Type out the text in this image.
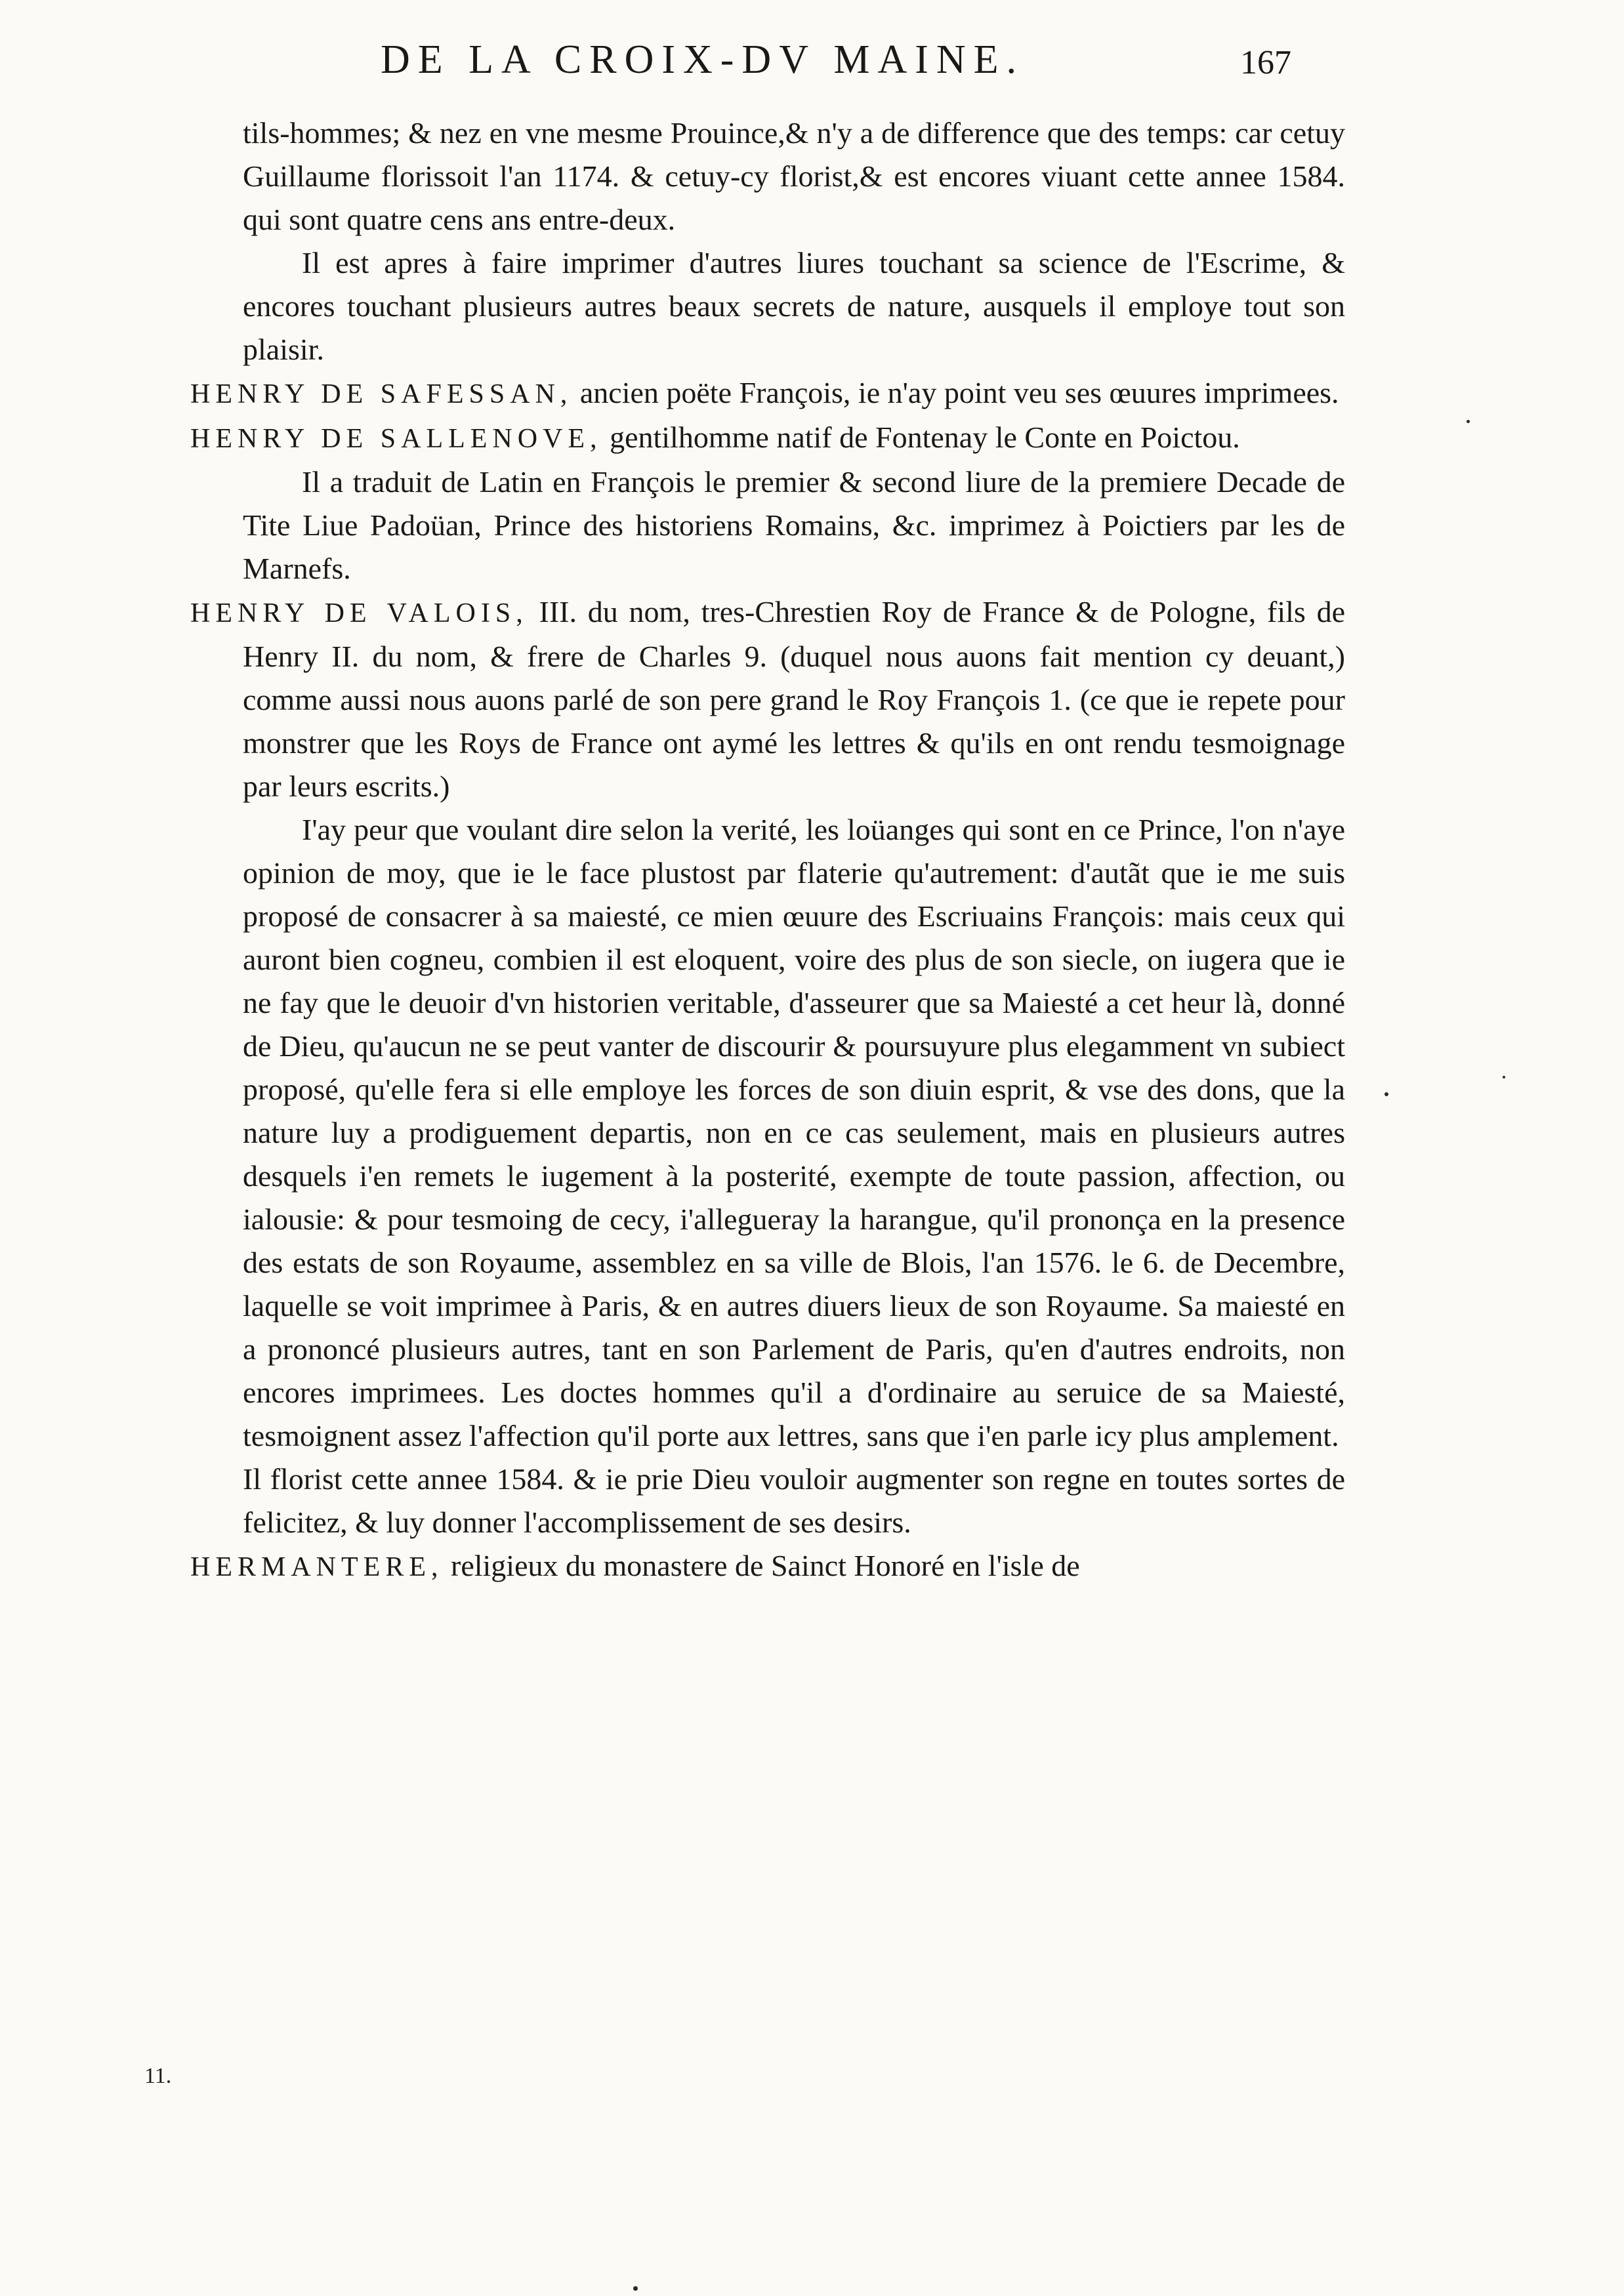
DE LA CROIX-DV MAINE.	167

tils-hommes; & nez en vne mesme Prouince,& n'y a de difference que des temps: car cetuy Guillaume florissoit l'an 1174. & cetuy-cy florist,& est encores viuant cette annee 1584. qui sont quatre cens ans entre-deux.

Il est apres à faire imprimer d'autres liures touchant sa science de l'Escrime, & encores touchant plusieurs autres beaux secrets de nature, ausquels il employe tout son plaisir.

HENRY DE SAFESSAN, ancien poëte François, ie n'ay point veu ses œuures imprimees.

HENRY DE SALLENOVE, gentilhomme natif de Fontenay le Conte en Poictou.

Il a traduit de Latin en François le premier & second liure de la premiere Decade de Tite Liue Padoüan, Prince des historiens Romains, &c. imprimez à Poictiers par les de Marnefs.

HENRY DE VALOIS, III. du nom, tres-Chrestien Roy de France & de Pologne, fils de Henry II. du nom, & frere de Charles 9. (duquel nous auons fait mention cy deuant,) comme aussi nous auons parlé de son pere grand le Roy François 1. (ce que ie repete pour monstrer que les Roys de France ont aymé les lettres & qu'ils en ont rendu tesmoignage par leurs escrits.)

I'ay peur que voulant dire selon la verité, les loüanges qui sont en ce Prince, l'on n'aye opinion de moy, que ie le face plustost par flaterie qu'autrement: d'autãt que ie me suis proposé de consacrer à sa maiesté, ce mien œuure des Escriuains François: mais ceux qui auront bien cogneu, combien il est eloquent, voire des plus de son siecle, on iugera que ie ne fay que le deuoir d'vn historien veritable, d'asseurer que sa Maiesté a cet heur là, donné de Dieu, qu'aucun ne se peut vanter de discourir & poursuyure plus elegamment vn subiect proposé, qu'elle fera si elle employe les forces de son diuin esprit, & vse des dons, que la nature luy a prodiguement departis, non en ce cas seulement, mais en plusieurs autres desquels i'en remets le iugement à la posterité, exempte de toute passion, affection, ou ialousie: & pour tesmoing de cecy, i'allegueray la harangue, qu'il prononça en la presence des estats de son Royaume, assemblez en sa ville de Blois, l'an 1576. le 6. de Decembre, laquelle se voit imprimee à Paris, & en autres diuers lieux de son Royaume. Sa maiesté en a prononcé plusieurs autres, tant en son Parlement de Paris, qu'en d'autres endroits, non encores imprimees. Les doctes hommes qu'il a d'ordinaire au seruice de sa Maiesté, tesmoignent assez l'affection qu'il porte aux lettres, sans que i'en parle icy plus amplement.

Il florist cette annee 1584. & ie prie Dieu vouloir augmenter son regne en toutes sortes de felicitez, & luy donner l'accomplissement de ses desirs.

HERMANTERE, religieux du monastere de Sainct Honoré en l'isle de

11.
